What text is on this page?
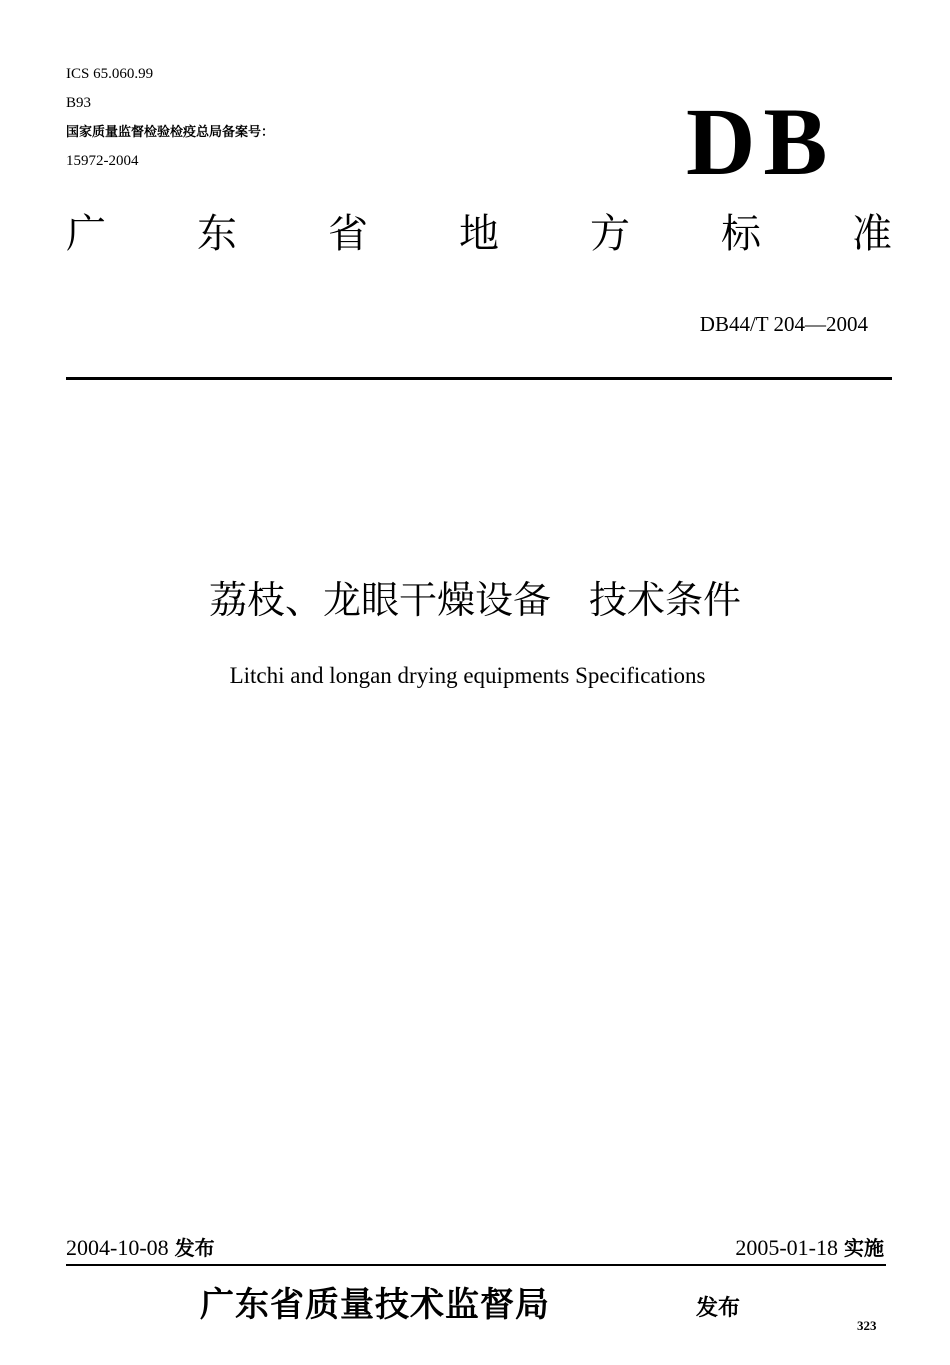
ICS 65.060.99
B93
国家质量监督检验检疫总局备案号：
15972-2004	DB
广 东 省 地 方 标 准
DB44/T 204—2004
荔枝、龙眼干燥设备　技术条件
Litchi and longan drying equipments Specifications
2004-10-08 发布	2005-01-18 实施
广东省质量技术监督局	发布
323
